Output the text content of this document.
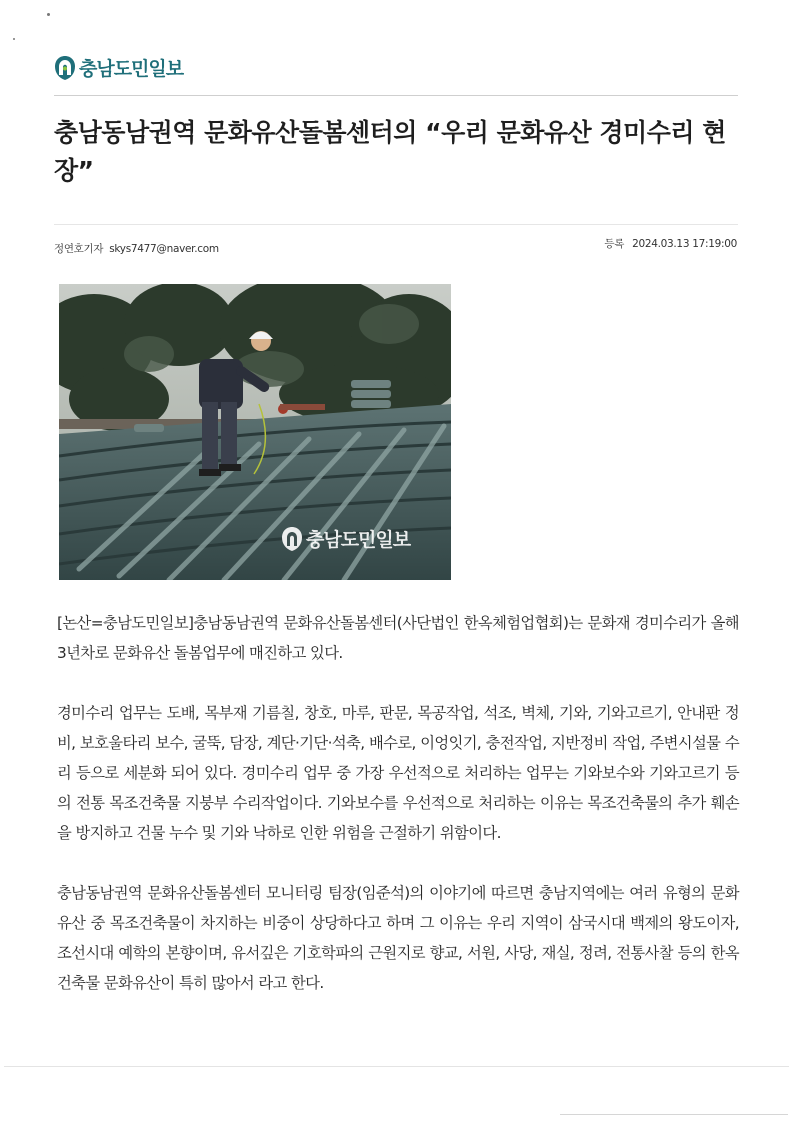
충남도민일보
충남동남권역 문화유산돌봄센터의 “우리 문화유산 경미수리 현장”
정연호기자 skys7477@naver.com	등록 2024.03.13 17:19:00
충남도민일보

[논산=충남도민일보]충남동남권역 문화유산돌봄센터(사단법인 한옥체험업협회)는 문화재 경미수리가 올해 3년차로 문화유산 돌봄업무에 매진하고 있다.

경미수리 업무는 도배, 목부재 기름칠, 창호, 마루, 판문, 목공작업, 석조, 벽체, 기와, 기와고르기, 안내판 정비, 보호울타리 보수, 굴뚝, 담장, 계단·기단·석축, 배수로, 이엉잇기, 충전작업, 지반정비 작업, 주변시설물 수리 등으로 세분화 되어 있다. 경미수리 업무 중 가장 우선적으로 처리하는 업무는 기와보수와 기와고르기 등의 전통 목조건축물 지붕부 수리작업이다. 기와보수를 우선적으로 처리하는 이유는 목조건축물의 추가 훼손을 방지하고 건물 누수 및 기와 낙하로 인한 위험을 근절하기 위함이다.

충남동남권역 문화유산돌봄센터 모니터링 팀장(임준석)의 이야기에 따르면 충남지역에는 여러 유형의 문화유산 중 목조건축물이 차지하는 비중이 상당하다고 하며 그 이유는 우리 지역이 삼국시대 백제의 왕도이자, 조선시대 예학의 본향이며, 유서깊은 기호학파의 근원지로 향교, 서원, 사당, 재실, 정려, 전통사찰 등의 한옥 건축물 문화유산이 특히 많아서 라고 한다.
